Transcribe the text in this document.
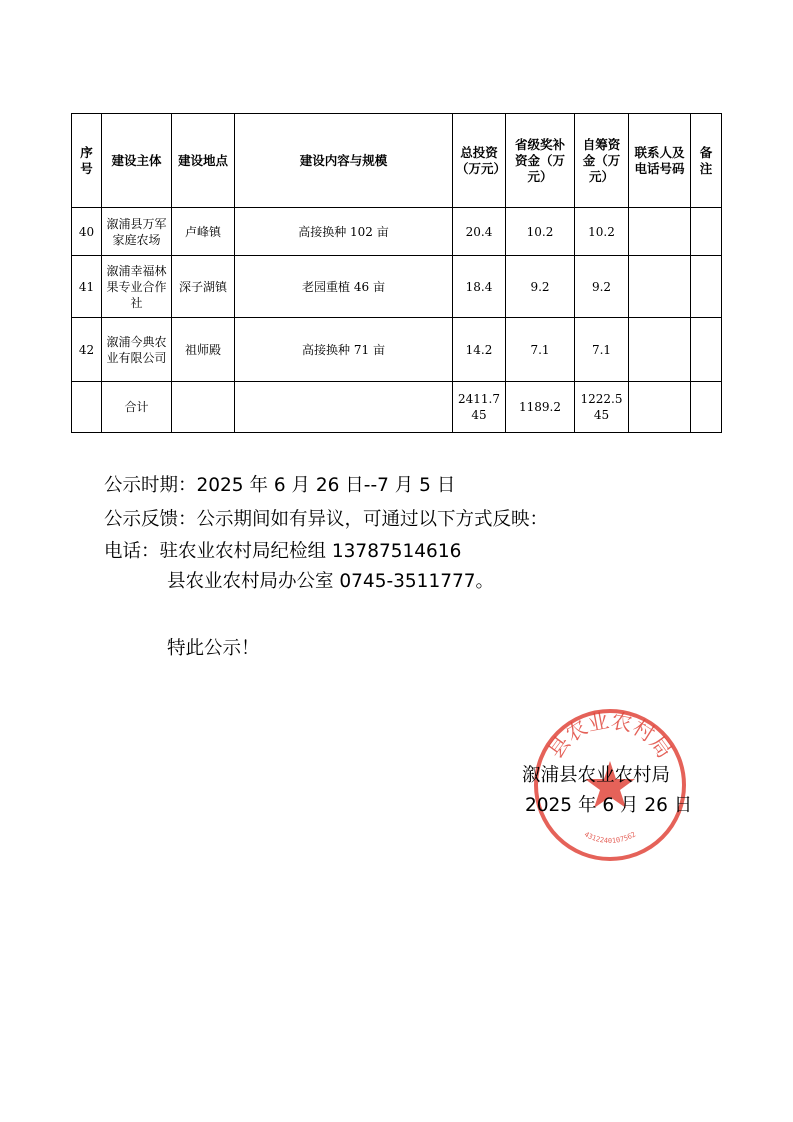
序号	建设主体	建设地点	建设内容与规模	总投资（万元）	省级奖补资金（万元）	自筹资金（万元）	联系人及电话号码	备注
40	溆浦县万军家庭农场	卢峰镇	高接换种 102 亩	20.4	10.2	10.2		
41	溆浦幸福林果专业合作社	深子湖镇	老园重植 46 亩	18.4	9.2	9.2		
42	溆浦今典农业有限公司	祖师殿	高接换种 71 亩	14.2	7.1	7.1		
	合计			2411.745	1189.2	1222.545		
公示时期：2025 年 6 月 26 日--7 月 5 日
公示反馈：公示期间如有异议，可通过以下方式反映：
电话：驻农业农村局纪检组 13787514616
县农业农村局办公室 0745-3511777。
特此公示！
县农业农村局
4312240107562
溆浦县农业农村局
2025 年 6 月 26 日
